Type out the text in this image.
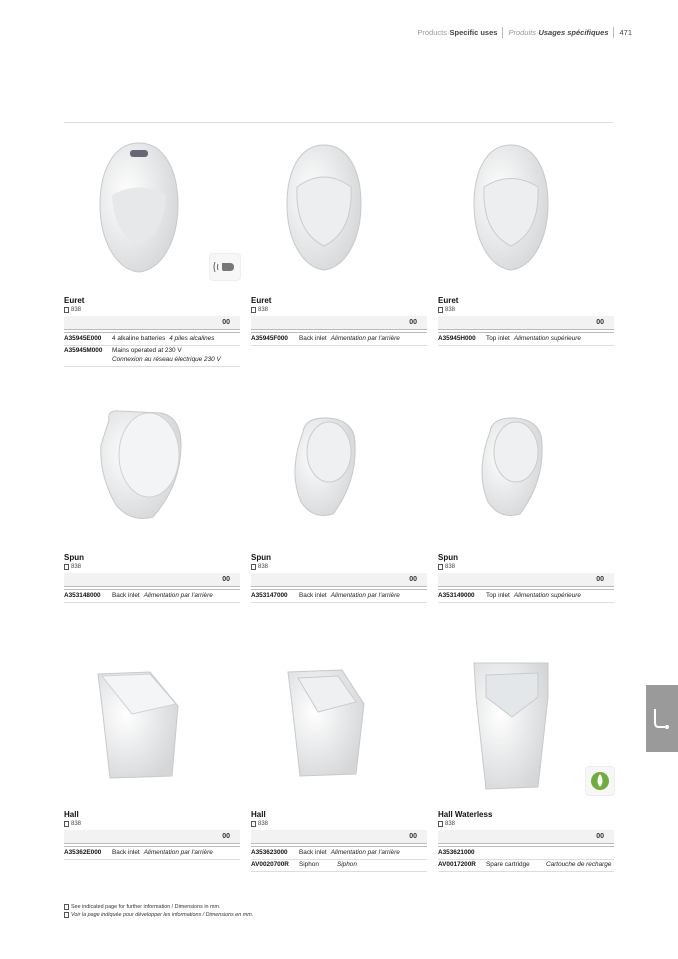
Products · Specific uses Produits · Usages spécifiques 471
Euret
838
00
A35945E000	4 alkaline batteries 4 piles alcalines
A35945M000	Mains operated at 230 V
Connexion au réseau électrique 230 V
Euret
838
00
A35945F000	Back inlet Alimentation par l'arrière
Euret
838
00
A35945H000	Top inlet Alimentation supérieure
Spun
838
00
A353148000	Back inlet Alimentation par l'arrière
Spun
838
00
A353147000	Back inlet Alimentation par l'arrière
Spun
838
00
A353149000	Top inlet Alimentation supérieure
Hall
838
00
A35362E000	Back inlet Alimentation par l'arrière
Hall
838
00
A353623000	Back inlet Alimentation par l'arrière
AV0020700R	Siphon	Siphon
Hall Waterless
838
00
A353621000
AV0017200R	Spare cartridge	Cartouche de recharge
See indicated page for further information / Dimensions in mm.
Voir la page indiquée pour développer les informations / Dimensions en mm.
